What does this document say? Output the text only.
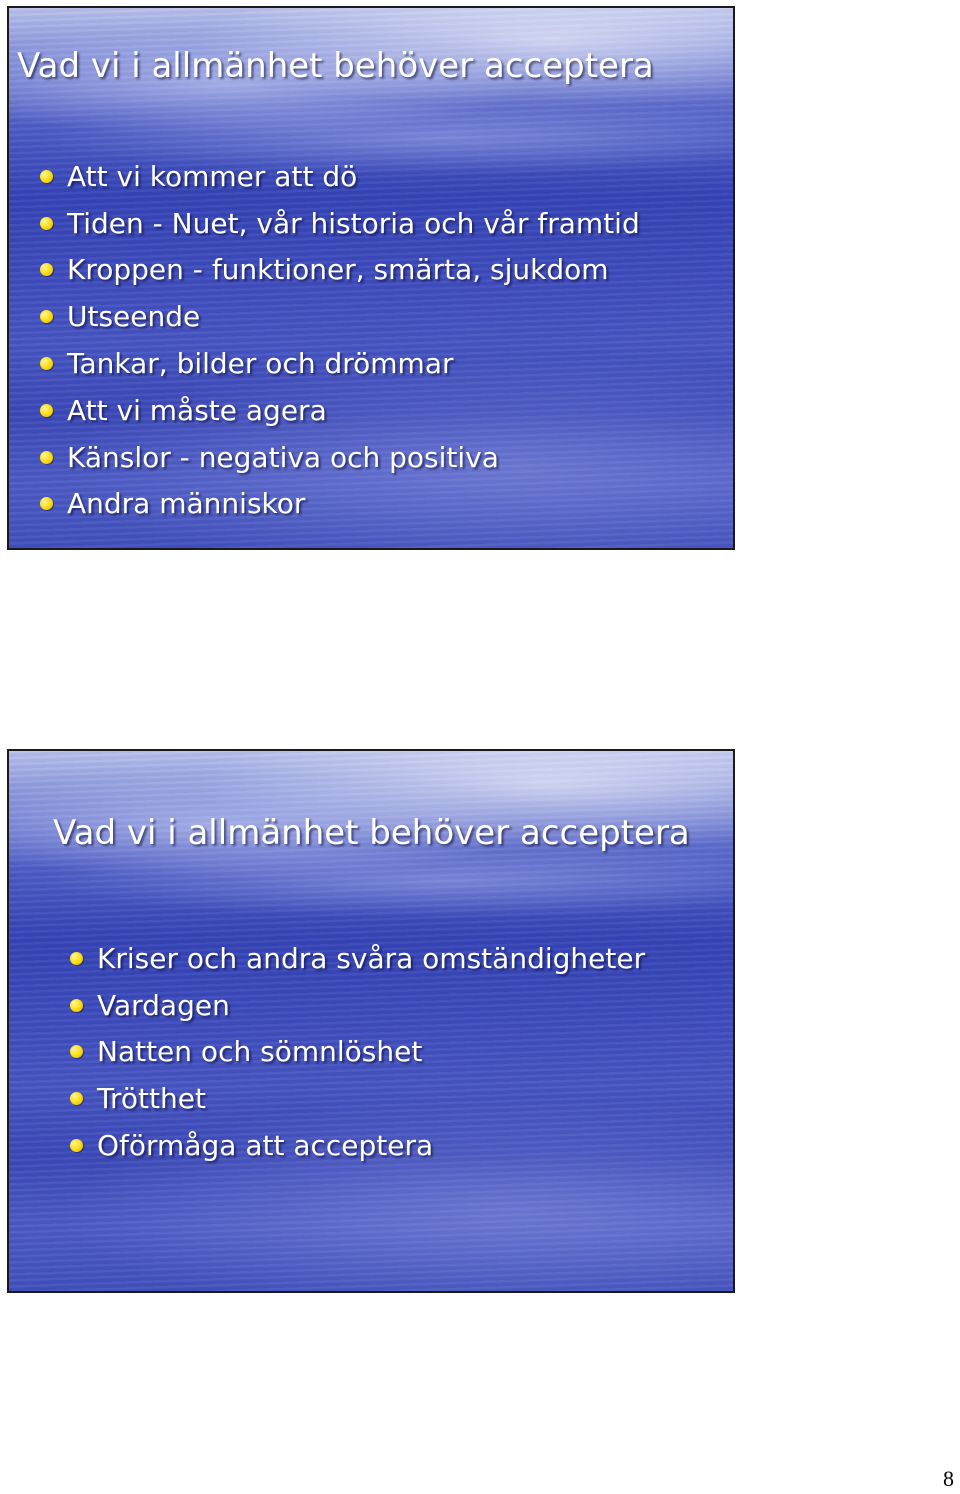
Vad vi i allmänhet behöver acceptera
Att vi kommer att dö
Tiden - Nuet, vår historia och vår framtid
Kroppen - funktioner, smärta, sjukdom
Utseende
Tankar, bilder och drömmar
Att vi måste agera
Känslor - negativa och positiva
Andra människor
Vad vi i allmänhet behöver acceptera
Kriser och andra svåra omständigheter
Vardagen
Natten och sömnlöshet
Trötthet
Oförmåga att acceptera
8
